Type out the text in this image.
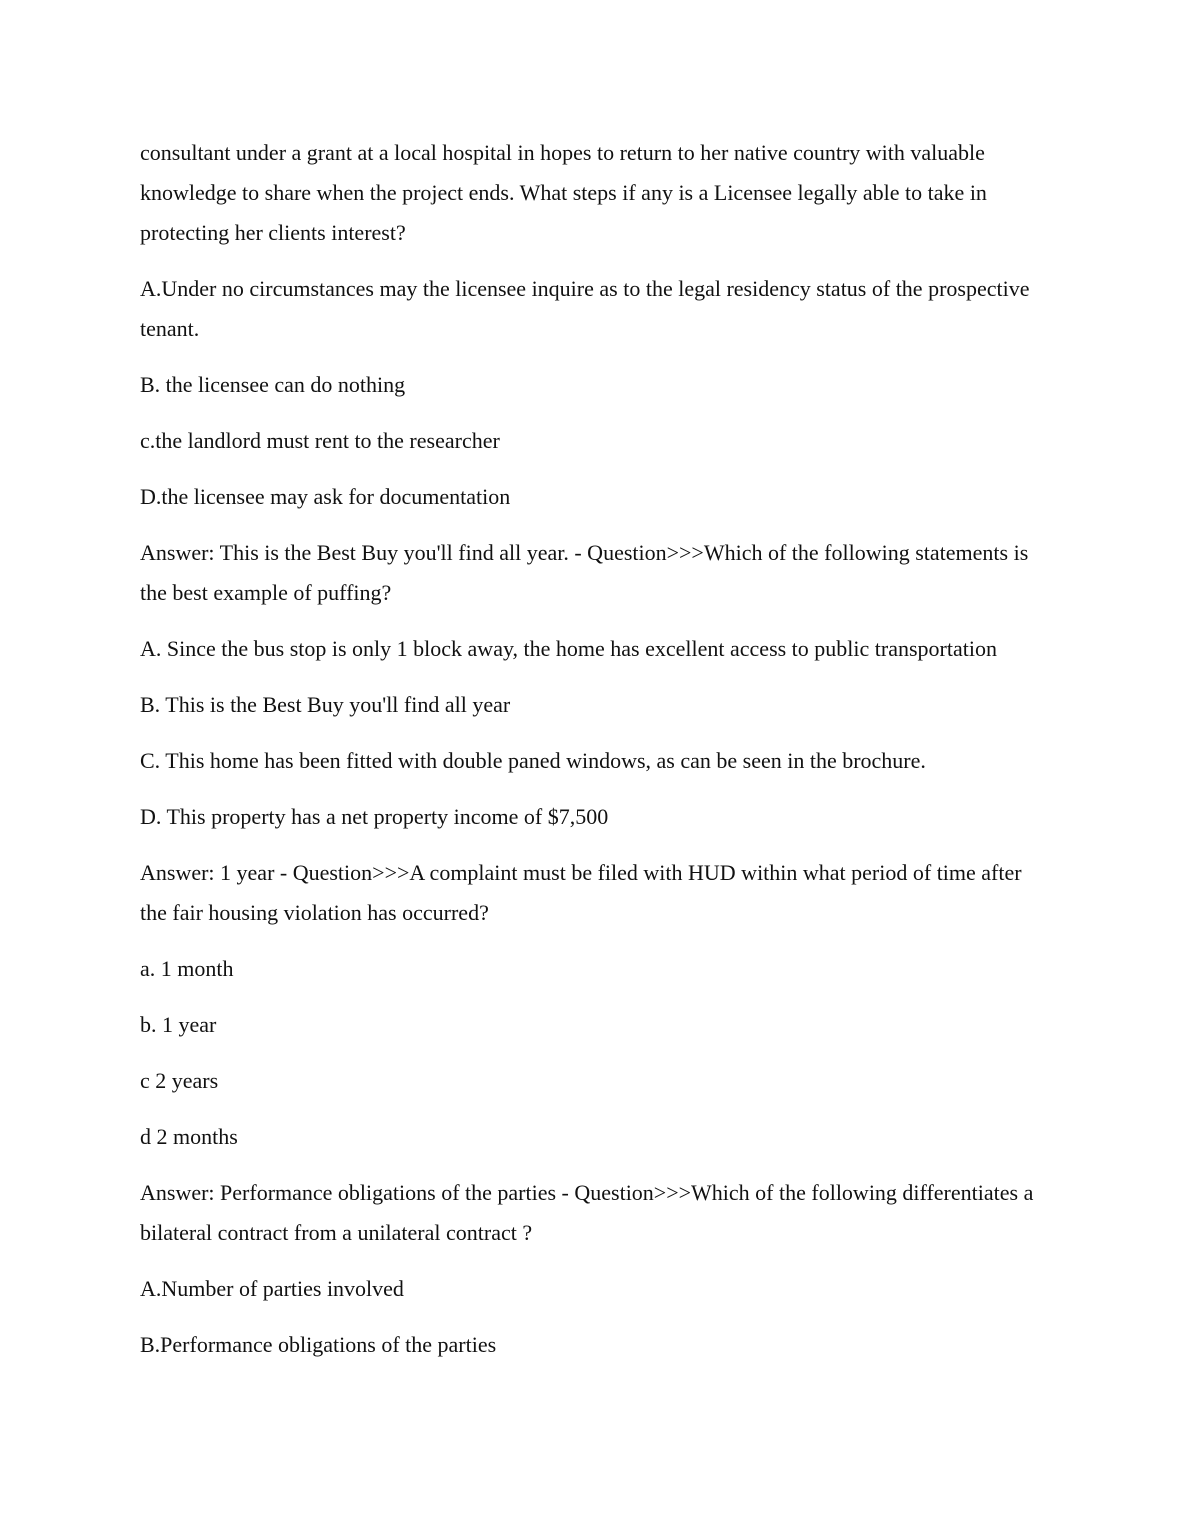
consultant under a grant at a local hospital in hopes to return to her native country with valuable knowledge to share when the project ends. What steps if any is a Licensee legally able to take in protecting her clients interest?

A.Under no circumstances may the licensee inquire as to the legal residency status of the prospective tenant.

B. the licensee can do nothing

c.the landlord must rent to the researcher

D.the licensee may ask for documentation

Answer: This is the Best Buy you'll find all year. - Question>>>Which of the following statements is the best example of puffing?

A. Since the bus stop is only 1 block away, the home has excellent access to public transportation

B. This is the Best Buy you'll find all year

C. This home has been fitted with double paned windows, as can be seen in the brochure.

D. This property has a net property income of $7,500

Answer: 1 year - Question>>>A complaint must be filed with HUD within what period of time after the fair housing violation has occurred?

a. 1 month

b. 1 year

c 2 years

d 2 months

Answer: Performance obligations of the parties - Question>>>Which of the following differentiates a bilateral contract from a unilateral contract ?

A.Number of parties involved

B.Performance obligations of the parties
